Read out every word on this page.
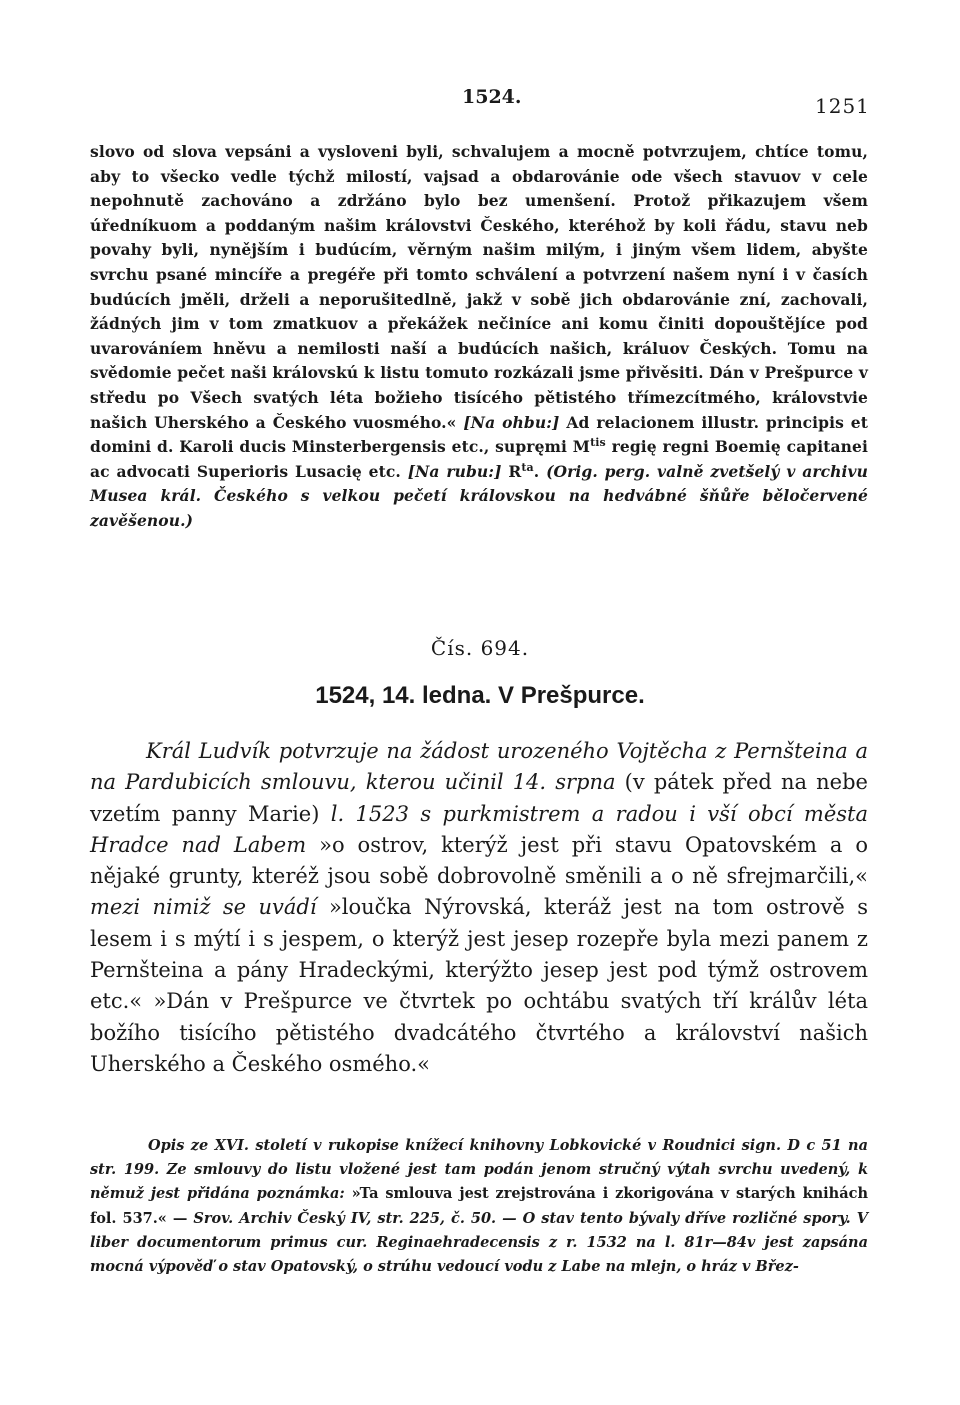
1524.	1251
slovo od slova vepsáni a vysloveni byli, schvalujem a mocně potvrzujem, chtíce tomu, aby to všecko vedle týchž milostí, vajsad a obdarovánie ode všech stavuov v cele nepohnutě zachováno a zdržáno bylo bez umenšení. Protož přikazujem všem úředníkuom a poddaným našim královstvi Českého, kteréhož by koli řádu, stavu neb povahy byli, nynějším i budúcím, věrným našim milým, i jiným všem lidem, abyšte svrchu psané mincíře a pregéře při tomto schválení a potvrzení našem nyní i v časích budúcích jměli, drželi a neporušitedlně, jakž v sobě jich obdarovánie zní, zachovali, žádných jim v tom zmatkuov a překážek nečiníce ani komu činiti dopouštějíce pod uvarováníem hněvu a nemilosti naší a budúcích našich, králuov Českých. Tomu na svědomie pečet naši královskú k listu tomuto rozkázali jsme přivěsiti. Dán v Prešpurce v středu po Všech svatých léta božieho tisícého pětistého třímezcítmého, královstvie našich Uherského a Českého vuosmého.« [Na ohbu:] Ad relacionem illustr. principis et domini d. Karoli ducis Minsterbergensis etc., suprę̨mi $M^{tis}$ regię regni Boemię capitanei ac advocati Superioris Lusacię etc. [Na rubu:] $R^{ta}$. (Orig. perg. valně zvetšelý v archivu Musea král. Českého s velkou pečetí královskou na hedvábné šňůře běločervené zavěšenou.)
Čís. 694.
1524, 14. ledna. V Prešpurce.
Král Ludvík potvrzuje na žádost urozeného Vojtěcha z Pernšteina a na Pardubicích smlouvu, kterou učinil 14. srpna (v pátek před na nebe vzetím panny Marie) l. 1523 s purkmistrem a radou i vší obcí města Hradce nad Labem »o ostrov, kterýž jest při stavu Opatovském a o nějaké grunty, kteréž jsou sobě dobrovolně směnili a o ně sfrejmarčili,« mezi nimiž se uvádí »loučka Nýrovská, kteráž jest na tom ostrově s lesem i s mýtí i s jespem, o kterýž jest jesep rozepře byla mezi panem z Pernšteina a pány Hradeckými, kterýžto jesep jest pod týmž ostrovem etc.« »Dán v Prešpurce ve čtvrtek po ochtábu svatých tří králův léta božího tisícího pětistého dvadcátého čtvrtého a království našich Uherského a Českého osmého.«
Opis ze XVI. století v rukopise knížecí knihovny Lobkovické v Roudnici sign. D c 51 na str. 199. Ze smlouvy do listu vložené jest tam podán jenom stručný výtah svrchu uvedený, k němuž jest přidána poznámka: »Ta smlouva jest zrejstrována i zkorigována v starých knihách fol. 537.« — Srov. Archiv Český IV, str. 225, č. 50. — O stav tento bývaly dříve rozličné spory. V liber documentorum primus cur. Reginaehradecensis z r. 1532 na l. 81r—84v jest zapsána mocná výpověď o stav Opatovský, o strúhu vedoucí vodu z Labe na mlejn, o hráz v Břez-
